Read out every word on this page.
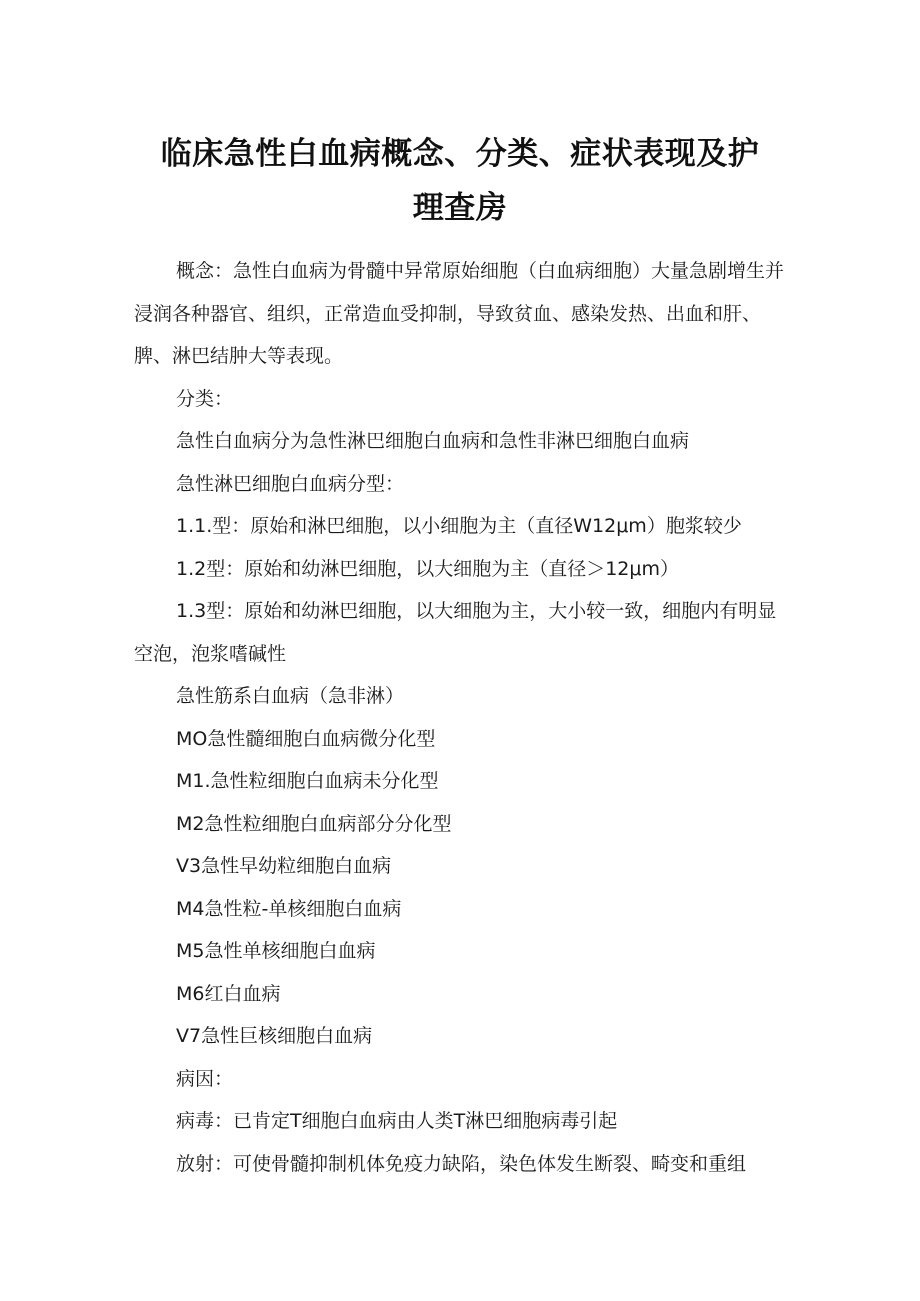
临床急性白血病概念、分类、症状表现及护
理查房

概念：急性白血病为骨髓中异常原始细胞（白血病细胞）大量急剧增生并浸润各种器官、组织，正常造血受抑制，导致贫血、感染发热、出血和肝、脾、淋巴结肿大等表现。

分类：

急性白血病分为急性淋巴细胞白血病和急性非淋巴细胞白血病

急性淋巴细胞白血病分型：

1.1.型：原始和淋巴细胞，以小细胞为主（直径W12μm）胞浆较少

1.2型：原始和幼淋巴细胞，以大细胞为主（直径＞12μm）

1.3型：原始和幼淋巴细胞，以大细胞为主，大小较一致，细胞内有明显空泡，泡浆嗜碱性

急性筋系白血病（急非淋）

MO急性髓细胞白血病微分化型

M1.急性粒细胞白血病未分化型

M2急性粒细胞白血病部分分化型

V3急性早幼粒细胞白血病

M4急性粒-单核细胞白血病

M5急性单核细胞白血病

M6红白血病

V7急性巨核细胞白血病

病因：

病毒：已肯定T细胞白血病由人类T淋巴细胞病毒引起

放射：可使骨髓抑制机体免疫力缺陷，染色体发生断裂、畸变和重组
